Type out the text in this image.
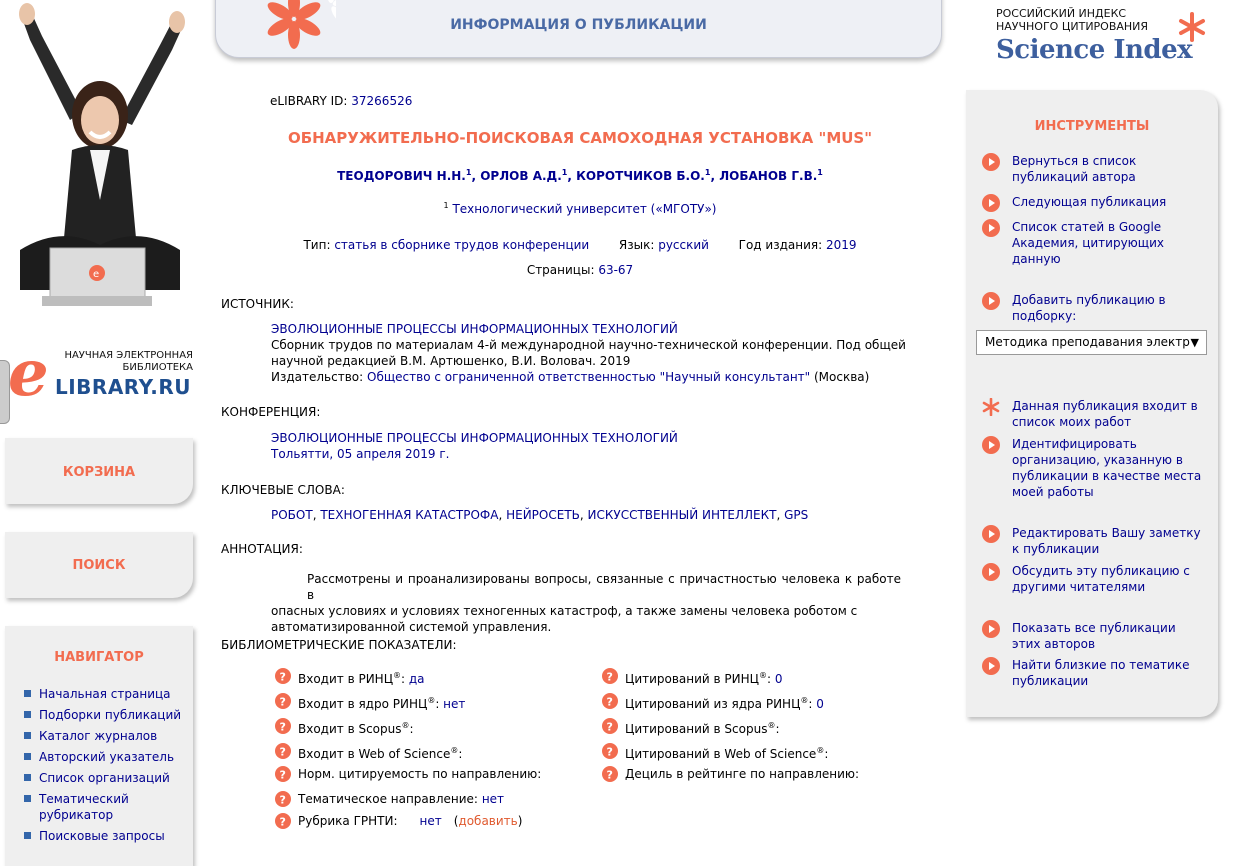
e
e	НАУЧНАЯ ЭЛЕКТРОННАЯ
БИБЛИОТЕКА
LIBRARY.RU
КОРЗИНА
ПОИСК
НАВИГАТОР
Начальная страница
Подборки публикаций
Каталог журналов
Авторский указатель
Список организаций
Тематический рубрикатор
Поисковые запросы
ИНФОРМАЦИЯ О ПУБЛИКАЦИИ
РОССИЙСКИЙ ИНДЕКС
НАУЧНОГО ЦИТИРОВАНИЯ
Science Index
ИНСТРУМЕНТЫ
Вернуться в список публикаций автора
Следующая публикация
Список статей в Google Академия, цитирующих данную
Добавить публикацию в подборку:
Методика преподавания электр ▼
Данная публикация входит в список моих работ
Идентифицировать организацию, указанную в публикации в качестве места моей работы
Редактировать Вашу заметку к публикации
Обсудить эту публикацию с другими читателями
Показать все публикации этих авторов
Найти близкие по тематике публикации
eLIBRARY ID: 37266526
ОБНАРУЖИТЕЛЬНО-ПОИСКОВАЯ САМОХОДНАЯ УСТАНОВКА "MUS"
ТЕОДОРОВИЧ Н.Н.$^1$, ОРЛОВ А.Д.$^1$, КОРОТЧИКОВ Б.О.$^1$, ЛОБАНОВ Г.В.$^1$
$^1$ Технологический университет («МГОТУ»)
Тип: статья в сборнике трудов конференции Язык: русский Год издания: 2019
Страницы: 63-67
ИСТОЧНИК:
ЭВОЛЮЦИОННЫЕ ПРОЦЕССЫ ИНФОРМАЦИОННЫХ ТЕХНОЛОГИЙ
Сборник трудов по материалам 4-й международной научно-технической конференции. Под общей
научной редакцией В.М. Артюшенко, В.И. Воловач. 2019
Издательство: Общество с ограниченной ответственностью "Научный консультант" (Москва)
КОНФЕРЕНЦИЯ:
ЭВОЛЮЦИОННЫЕ ПРОЦЕССЫ ИНФОРМАЦИОННЫХ ТЕХНОЛОГИЙ
Тольятти, 05 апреля 2019 г.
КЛЮЧЕВЫЕ СЛОВА:
РОБОТ, ТЕХНОГЕННАЯ КАТАСТРОФА, НЕЙРОСЕТЬ, ИСКУССТВЕННЫЙ ИНТЕЛЛЕКТ, GPS
АННОТАЦИЯ:
Рассмотрены и проанализированы вопросы, связанные с причастностью человека к работе в
опасных условиях и условиях техногенных катастроф, а также замены человека роботом с
автоматизированной системой управления.
БИБЛИОМЕТРИЧЕСКИЕ ПОКАЗАТЕЛИ:
? Входит в РИНЦ®: да
? Входит в ядро РИНЦ®: нет
? Входит в Scopus®:
? Входит в Web of Science®:
? Норм. цитируемость по направлению:
? Тематическое направление: нет
? Рубрика ГРНТИ: нет (добавить)
? Цитирований в РИНЦ®: 0
? Цитирований из ядра РИНЦ®: 0
? Цитирований в Scopus®:
? Цитирований в Web of Science®:
? Дециль в рейтинге по направлению:
